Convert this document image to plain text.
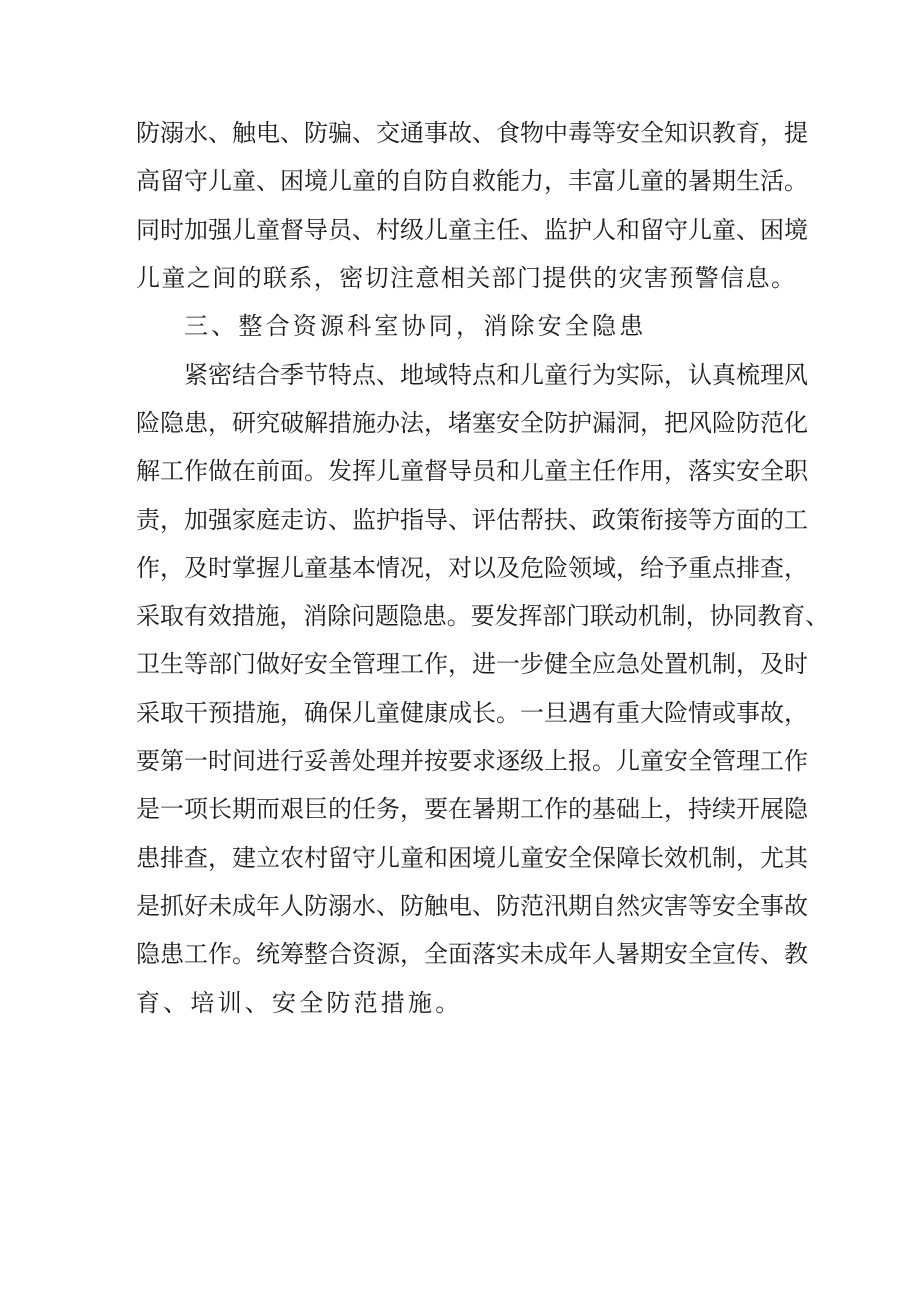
防溺水、触电、防骗、交通事故、食物中毒等安全知识教育，提

高留守儿童、困境儿童的自防自救能力，丰富儿童的暑期生活。

同时加强儿童督导员、村级儿童主任、监护人和留守儿童、困境

儿童之间的联系，密切注意相关部门提供的灾害预警信息。

三、整合资源科室协同，消除安全隐患

紧密结合季节特点、地域特点和儿童行为实际，认真梳理风

险隐患，研究破解措施办法，堵塞安全防护漏洞，把风险防范化

解工作做在前面。发挥儿童督导员和儿童主任作用，落实安全职

责，加强家庭走访、监护指导、评估帮扶、政策衔接等方面的工

作，及时掌握儿童基本情况，对以及危险领域，给予重点排查，

采取有效措施，消除问题隐患。要发挥部门联动机制，协同教育、

卫生等部门做好安全管理工作，进一步健全应急处置机制，及时

采取干预措施，确保儿童健康成长。一旦遇有重大险情或事故，

要第一时间进行妥善处理并按要求逐级上报。儿童安全管理工作

是一项长期而艰巨的任务，要在暑期工作的基础上，持续开展隐

患排查，建立农村留守儿童和困境儿童安全保障长效机制，尤其

是抓好未成年人防溺水、防触电、防范汛期自然灾害等安全事故

隐患工作。统筹整合资源，全面落实未成年人暑期安全宣传、教

育、培训、安全防范措施。
